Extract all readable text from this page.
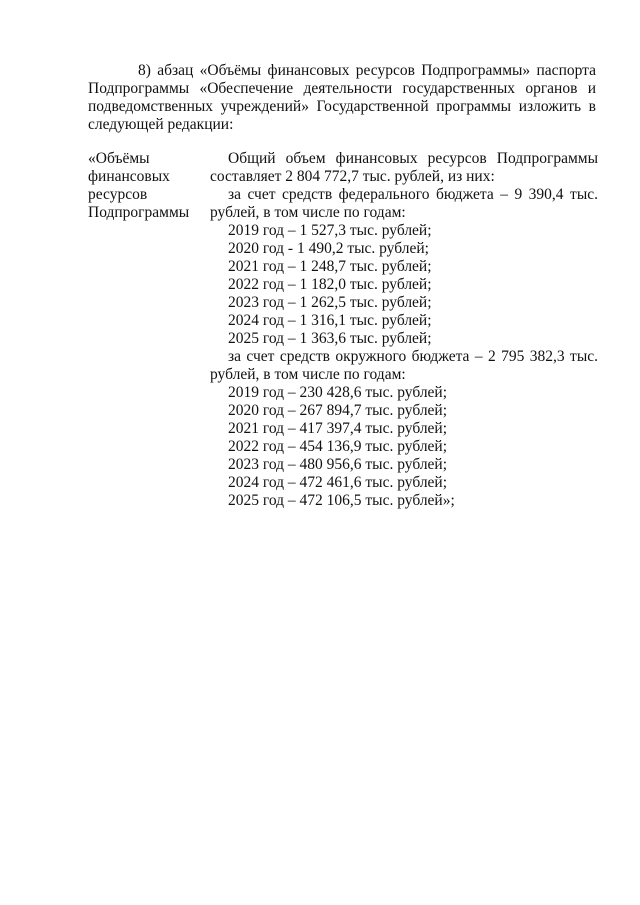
8) абзац «Объёмы финансовых ресурсов Подпрограммы» паспорта
Подпрограммы «Обеспечение деятельности государственных органов и
подведомственных учреждений» Государственной программы изложить в
следующей редакции:
«Объёмы
финансовых
ресурсов
Подпрограммы
Общий объем финансовых ресурсов Подпрограммы
составляет 2 804 772,7 тыс. рублей, из них:
за счет средств федерального бюджета – 9 390,4 тыс.
рублей, в том числе по годам:
2019 год – 1 527,3 тыс. рублей;
2020 год - 1 490,2 тыс. рублей;
2021 год – 1 248,7 тыс. рублей;
2022 год – 1 182,0 тыс. рублей;
2023 год – 1 262,5 тыс. рублей;
2024 год – 1 316,1 тыс. рублей;
2025 год – 1 363,6 тыс. рублей;
за счет средств окружного бюджета – 2 795 382,3 тыс.
рублей, в том числе по годам:
2019 год – 230 428,6 тыс. рублей;
2020 год – 267 894,7 тыс. рублей;
2021 год – 417 397,4 тыс. рублей;
2022 год – 454 136,9 тыс. рублей;
2023 год – 480 956,6 тыс. рублей;
2024 год – 472 461,6 тыс. рублей;
2025 год – 472 106,5 тыс. рублей»;
